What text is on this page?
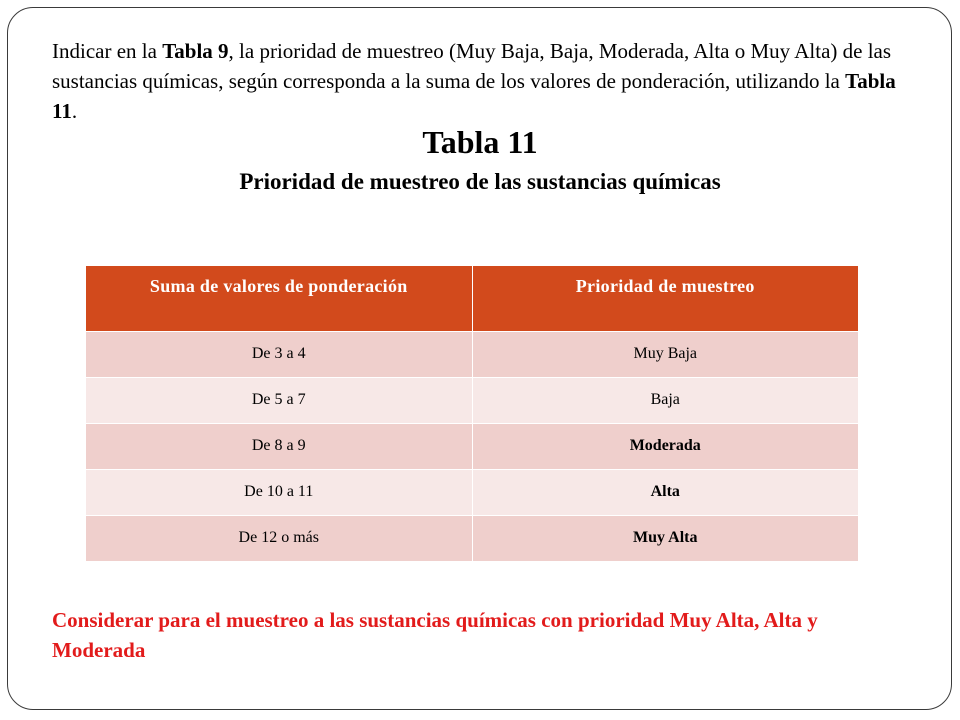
Indicar en la Tabla 9, la prioridad de muestreo (Muy Baja, Baja, Moderada, Alta o Muy Alta) de las sustancias químicas, según corresponda a la suma de los valores de ponderación, utilizando la Tabla 11.

Tabla 11
Prioridad de muestreo de las sustancias químicas
Suma de valores de ponderación	Prioridad de muestreo
De 3 a 4	Muy Baja
De 5 a 7	Baja
De 8 a 9	Moderada
De 10 a 11	Alta
De 12 o más	Muy Alta

Considerar para el muestreo a las sustancias químicas con prioridad Muy Alta, Alta y Moderada
